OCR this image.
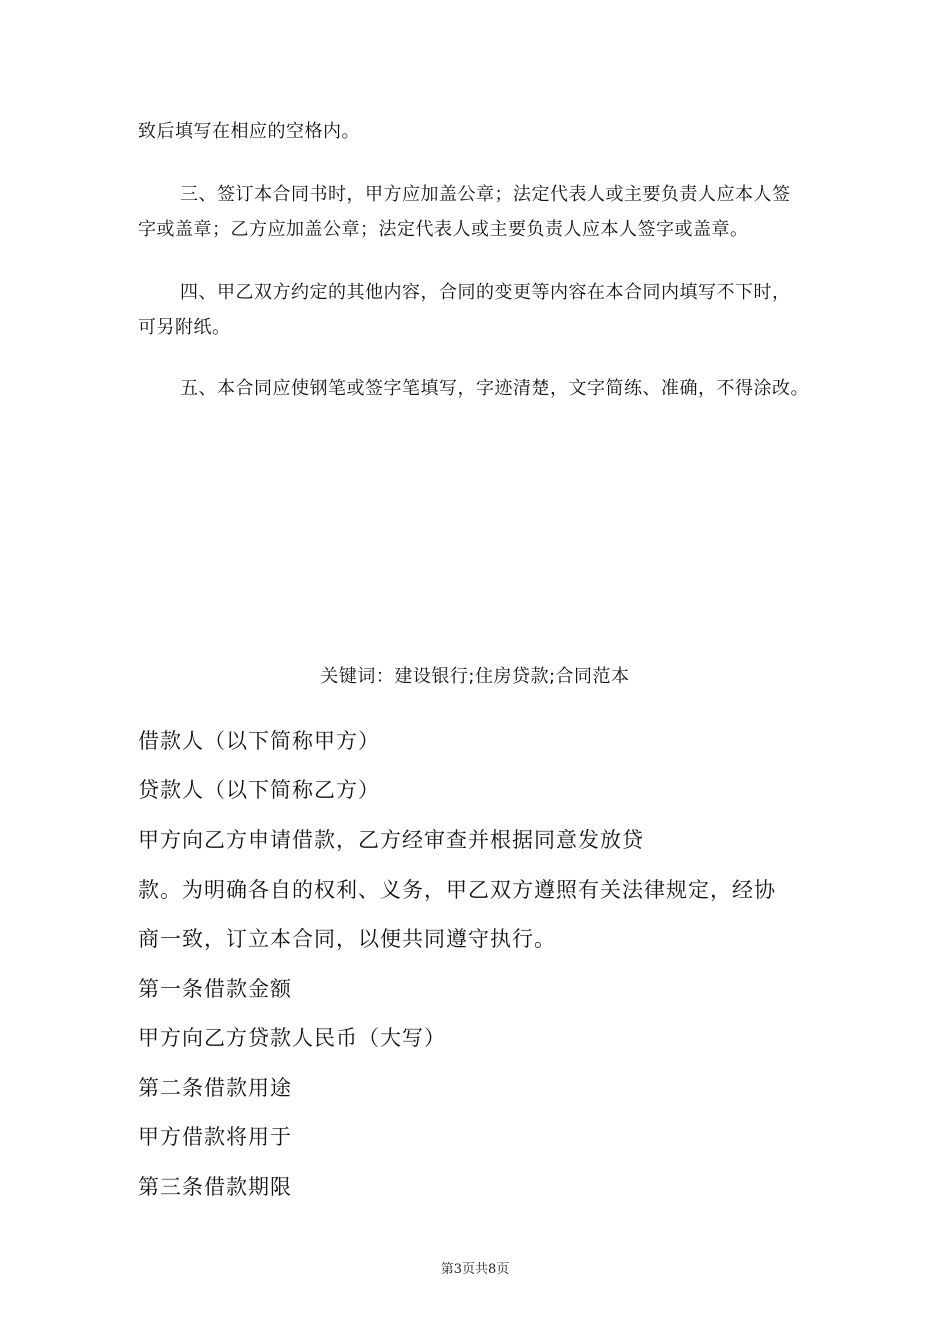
致后填写在相应的空格内。

三、签订本合同书时，甲方应加盖公章；法定代表人或主要负责人应本人签

字或盖章；乙方应加盖公章；法定代表人或主要负责人应本人签字或盖章。

四、甲乙双方约定的其他内容，合同的变更等内容在本合同内填写不下时，

可另附纸。

五、本合同应使钢笔或签字笔填写，字迹清楚，文字简练、准确，不得涂改。

关键词：建设银行;住房贷款;合同范本

借款人（以下简称甲方）

贷款人（以下简称乙方）

甲方向乙方申请借款，乙方经审查并根据同意发放贷

款。为明确各自的权利、义务，甲乙双方遵照有关法律规定，经协

商一致，订立本合同，以便共同遵守执行。

第一条借款金额

甲方向乙方贷款人民币（大写）

第二条借款用途

甲方借款将用于

第三条借款期限

第3页共8页
